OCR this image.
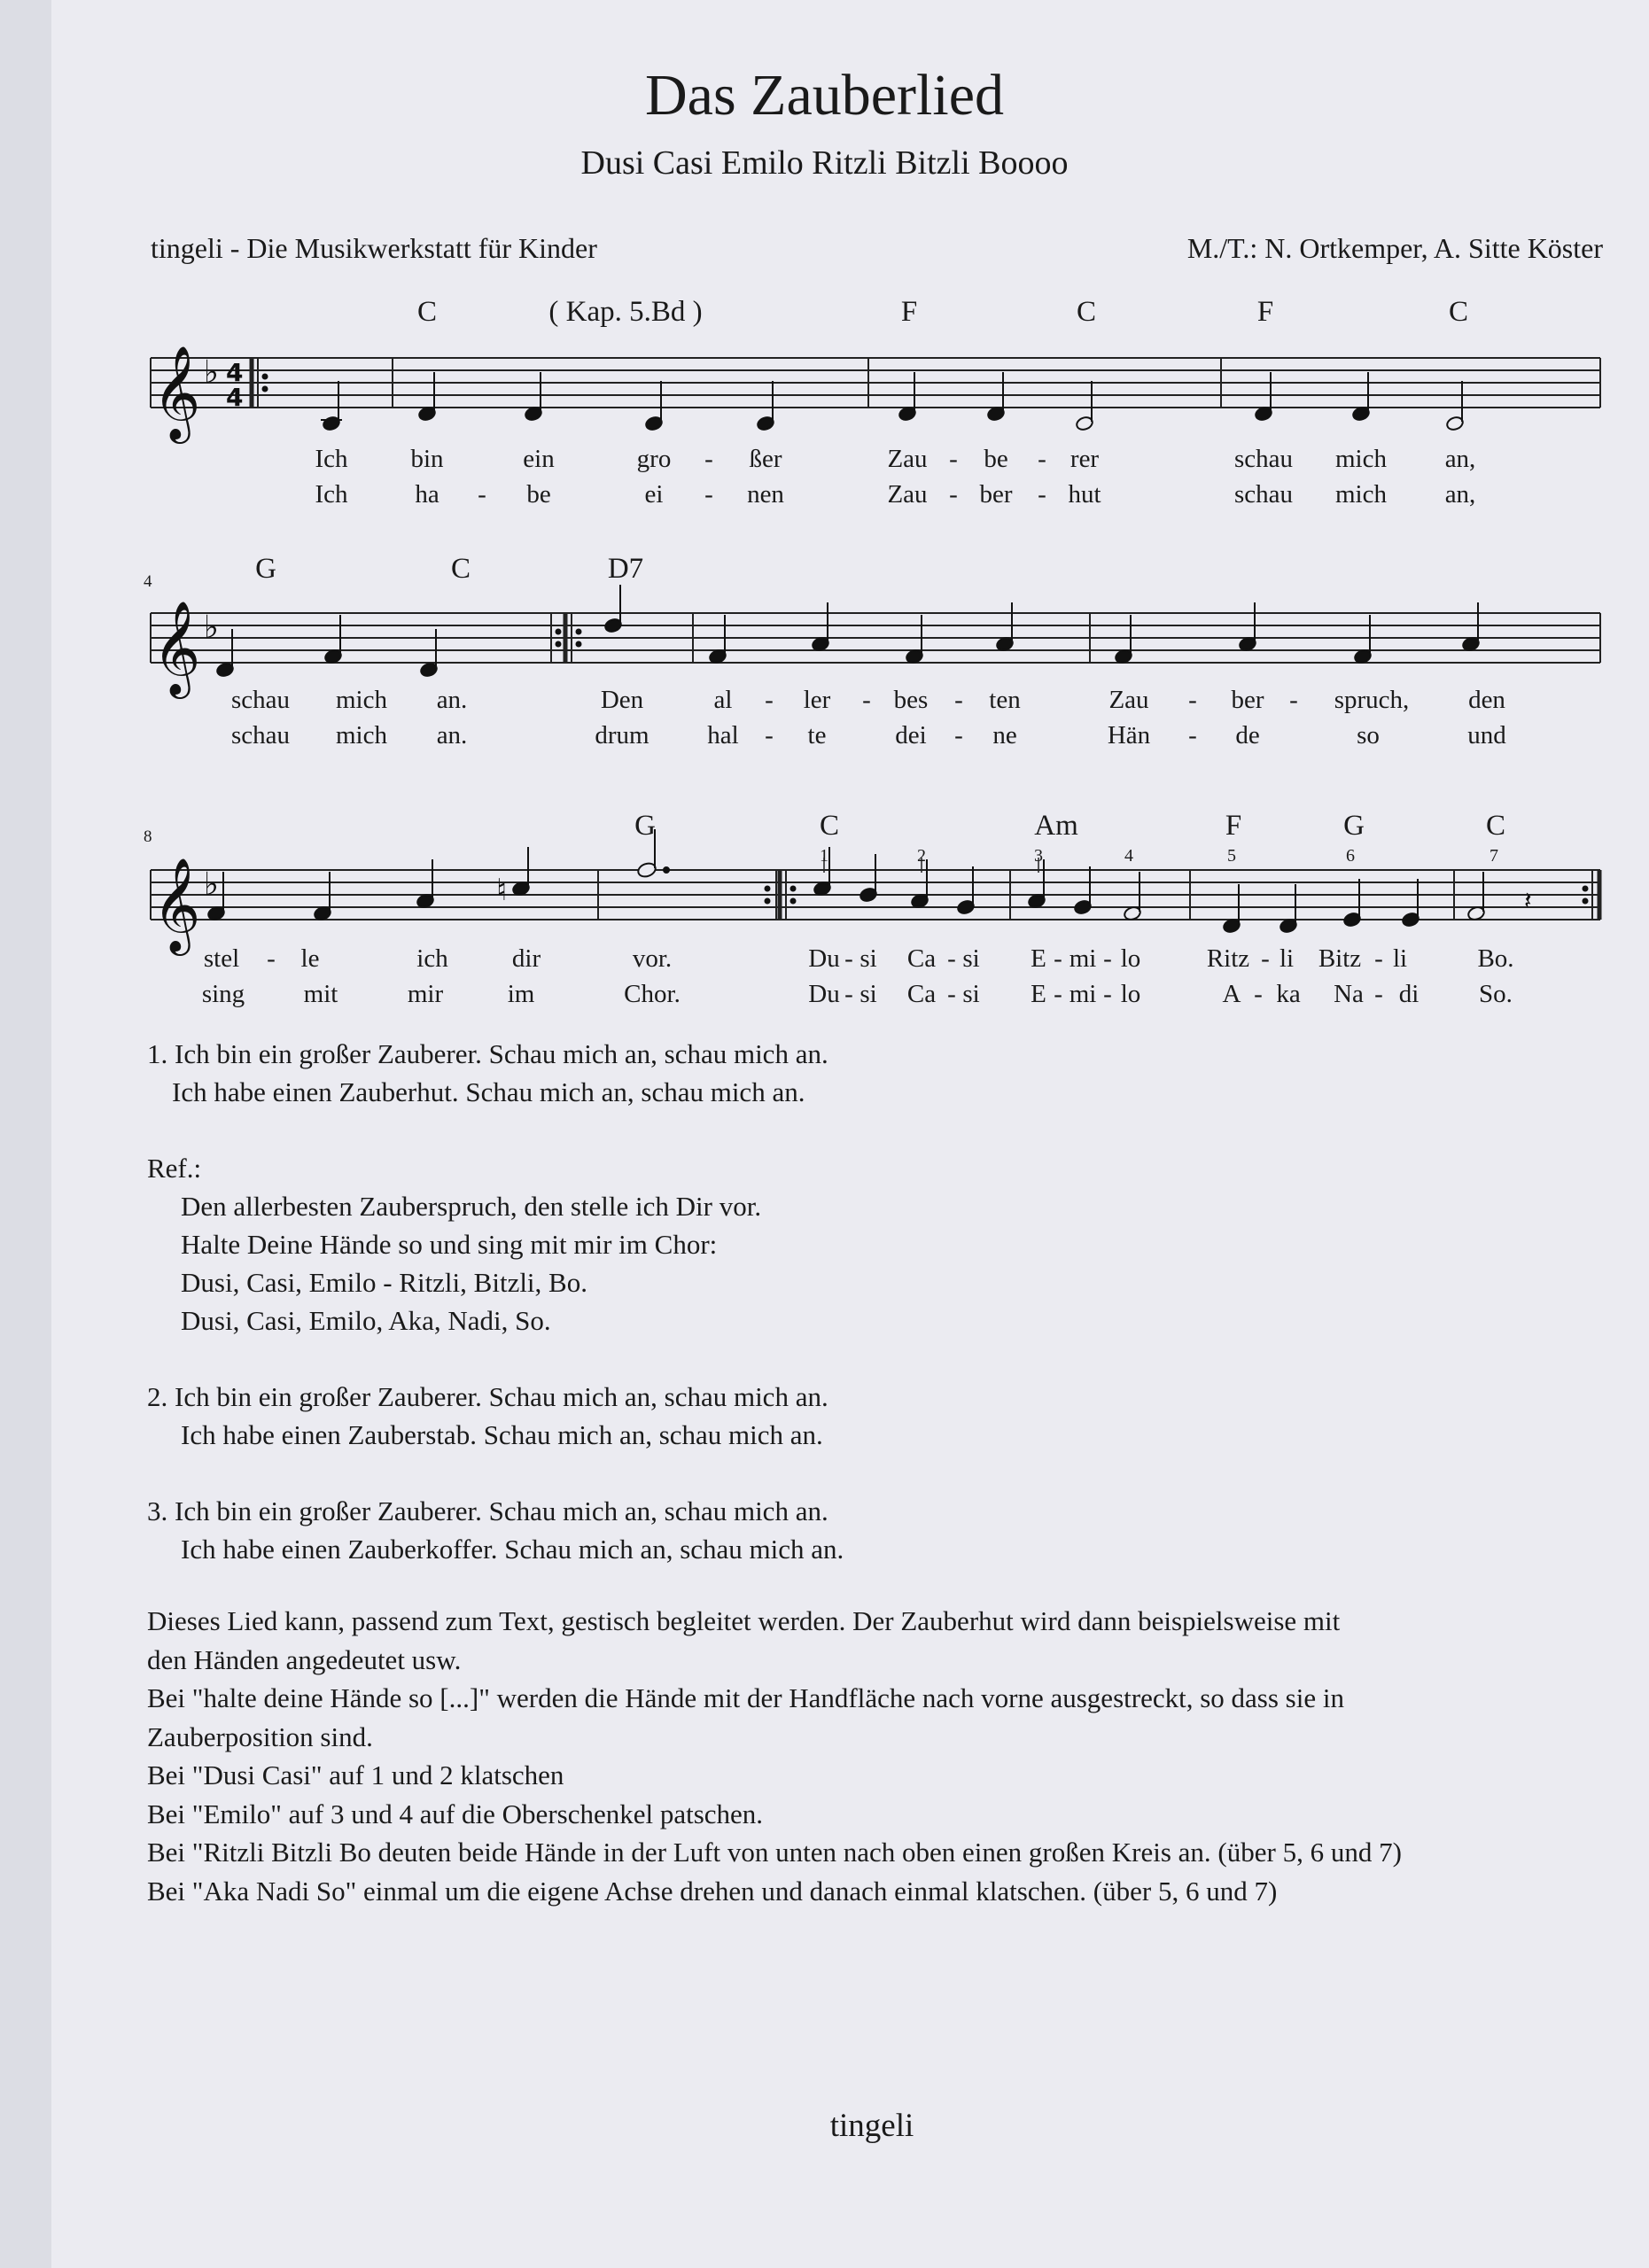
Das Zauberlied
Dusi Casi Emilo Ritzli Bitzli Boooo
tingeli - Die Musikwerkstatt für Kinder	M./T.: N. Ortkemper, A. Sitte Köster
𝄞
𝄞
𝄞
♭
♭
♭
4
4
𝄽
♮
C	( Kap. 5.Bd )	F	C	F	C
Ich bin	ein	gro - ßer	Zau - be - rer	schau mich an,
Ich	ha - be	ei - nen	Zau - ber - hut	schau mich an,
4	G	C	D7
schau mich an.	Den	al - ler - bes - ten	Zau - ber - spruch, den
schau mich an.	drum hal - te	dei - ne	Hän - de	so	und
8	G	C	Am	F	G	C
1	2	3	4	5	6	7
stel - le	ich dir	vor.	Du - si Ca - si E - mi - lo	Ritz - li Bitz - li	Bo.
sing mit	mir	im	Chor.	Du - si Ca - si E - mi - lo	A - ka Na - di So.
1. Ich bin ein großer Zauberer. Schau mich an, schau mich an.
Ich habe einen Zauberhut. Schau mich an, schau mich an.
Ref.:
Den allerbesten Zauberspruch, den stelle ich Dir vor.
Halte Deine Hände so und sing mit mir im Chor:
Dusi, Casi, Emilo - Ritzli, Bitzli, Bo.
Dusi, Casi, Emilo, Aka, Nadi, So.
2. Ich bin ein großer Zauberer. Schau mich an, schau mich an.
Ich habe einen Zauberstab. Schau mich an, schau mich an.
3. Ich bin ein großer Zauberer. Schau mich an, schau mich an.
Ich habe einen Zauberkoffer. Schau mich an, schau mich an.
Dieses Lied kann, passend zum Text, gestisch begleitet werden. Der Zauberhut wird dann beispielsweise mit
den Händen angedeutet usw.
Bei "halte deine Hände so [...]" werden die Hände mit der Handfläche nach vorne ausgestreckt, so dass sie in
Zauberposition sind.
Bei "Dusi Casi" auf 1 und 2 klatschen
Bei "Emilo" auf 3 und 4 auf die Oberschenkel patschen.
Bei "Ritzli Bitzli Bo deuten beide Hände in der Luft von unten nach oben einen großen Kreis an. (über 5, 6 und 7)
Bei "Aka Nadi So" einmal um die eigene Achse drehen und danach einmal klatschen. (über 5, 6 und 7)
tingeli
